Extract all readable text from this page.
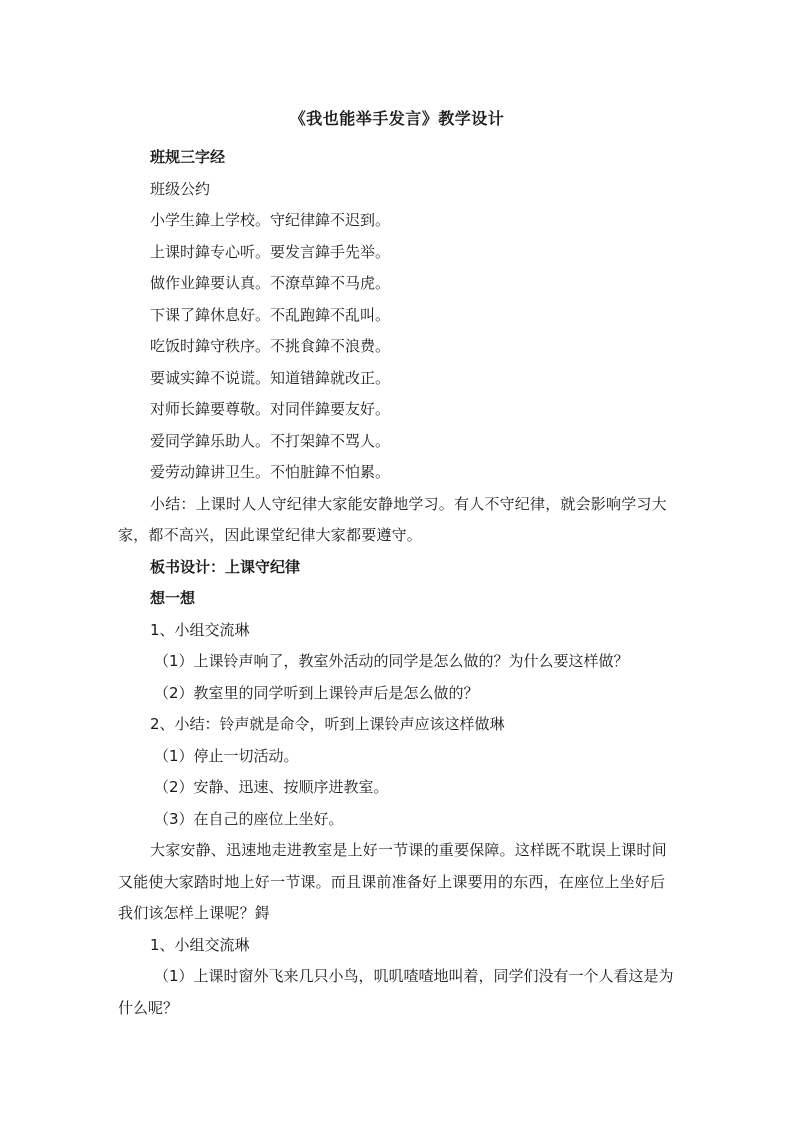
《我也能举手发言》教学设计
班规三字经
班级公约
小学生鍏上学校。守纪律鍏不迟到。
上课时鍏专心听。要发言鍏手先举。
做作业鍏要认真。不潦草鍏不马虎。
下课了鍏休息好。不乱跑鍏不乱叫。
吃饭时鍏守秩序。不挑食鍏不浪费。
要诚实鍏不说谎。知道错鍏就改正。
对师长鍏要尊敬。对同伴鍏要友好。
爱同学鍏乐助人。不打架鍏不骂人。
爱劳动鍏讲卫生。不怕脏鍏不怕累。
小结：上课时人人守纪律大家能安静地学习。有人不守纪律，就会影响学习大家，都不高兴，因此课堂纪律大家都要遵守。
板书设计：上课守纪律
想一想
1、小组交流琳
（1）上课铃声响了，教室外活动的同学是怎么做的？为什么要这样做？
（2）教室里的同学听到上课铃声后是怎么做的？
2、小结：铃声就是命令，听到上课铃声应该这样做琳
（1）停止一切活动。
（2）安静、迅速、按顺序进教室。
（3）在自己的座位上坐好。
大家安静、迅速地走进教室是上好一节课的重要保障。这样既不耽误上课时间又能使大家踏时地上好一节课。而且课前准备好上课要用的东西，在座位上坐好后我们该怎样上课呢？鍀
1、小组交流琳
（1）上课时窗外飞来几只小鸟，叽叽喳喳地叫着，同学们没有一个人看这是为什么呢？
